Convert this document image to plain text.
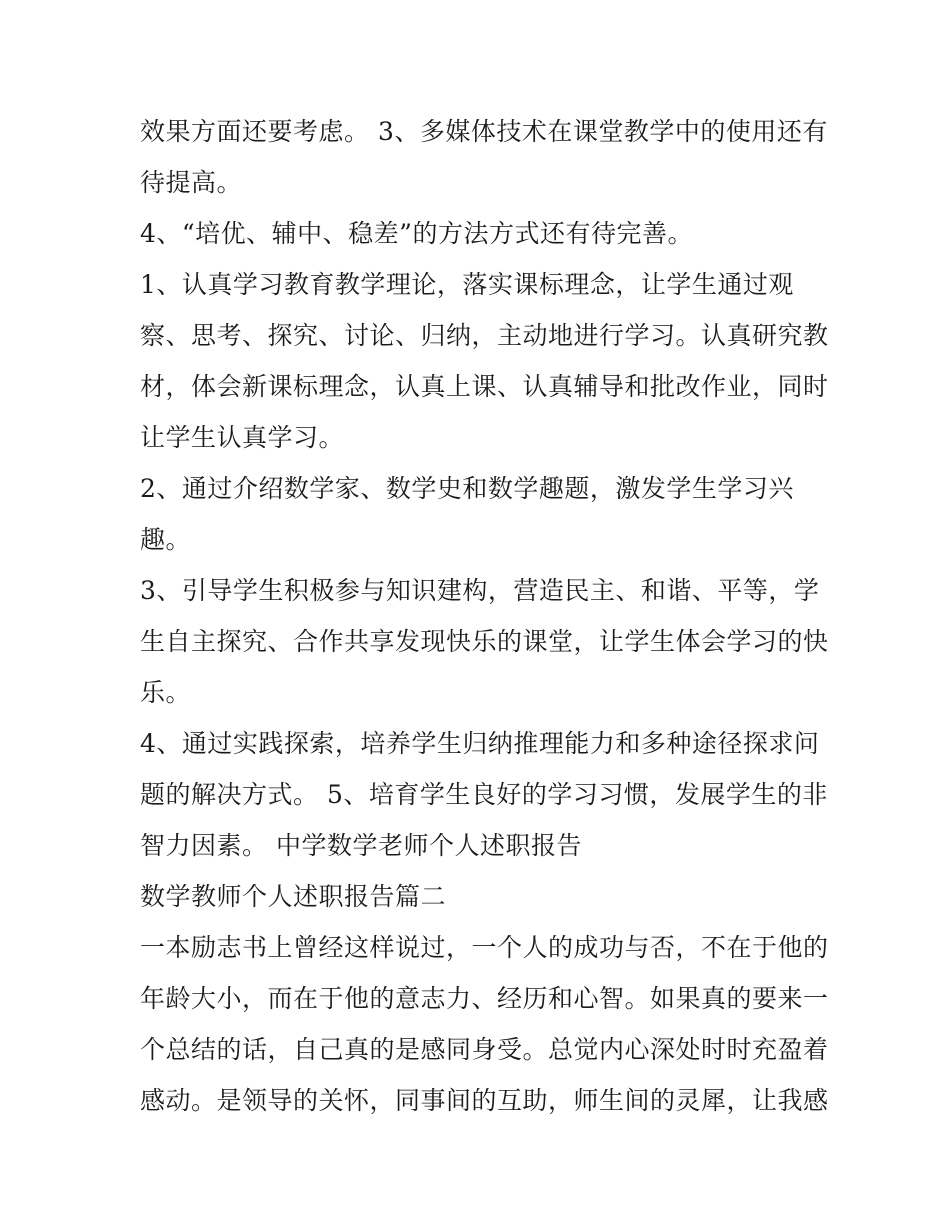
效果方面还要考虑。 3、多媒体技术在课堂教学中的使用还有
待提高。
4、“培优、辅中、稳差”的方法方式还有待完善。
1、认真学习教育教学理论，落实课标理念，让学生通过观
察、思考、探究、讨论、归纳，主动地进行学习。认真研究教
材，体会新课标理念，认真上课、认真辅导和批改作业，同时
让学生认真学习。
2、通过介绍数学家、数学史和数学趣题，激发学生学习兴
趣。
3、引导学生积极参与知识建构，营造民主、和谐、平等，学
生自主探究、合作共享发现快乐的课堂，让学生体会学习的快
乐。
4、通过实践探索，培养学生归纳推理能力和多种途径探求问
题的解决方式。 5、培育学生良好的学习习惯，发展学生的非
智力因素。 中学数学老师个人述职报告
数学教师个人述职报告篇二
一本励志书上曾经这样说过，一个人的成功与否，不在于他的
年龄大小，而在于他的意志力、经历和心智。如果真的要来一
个总结的话，自己真的是感同身受。总觉内心深处时时充盈着
感动。是领导的关怀，同事间的互助，师生间的灵犀，让我感
